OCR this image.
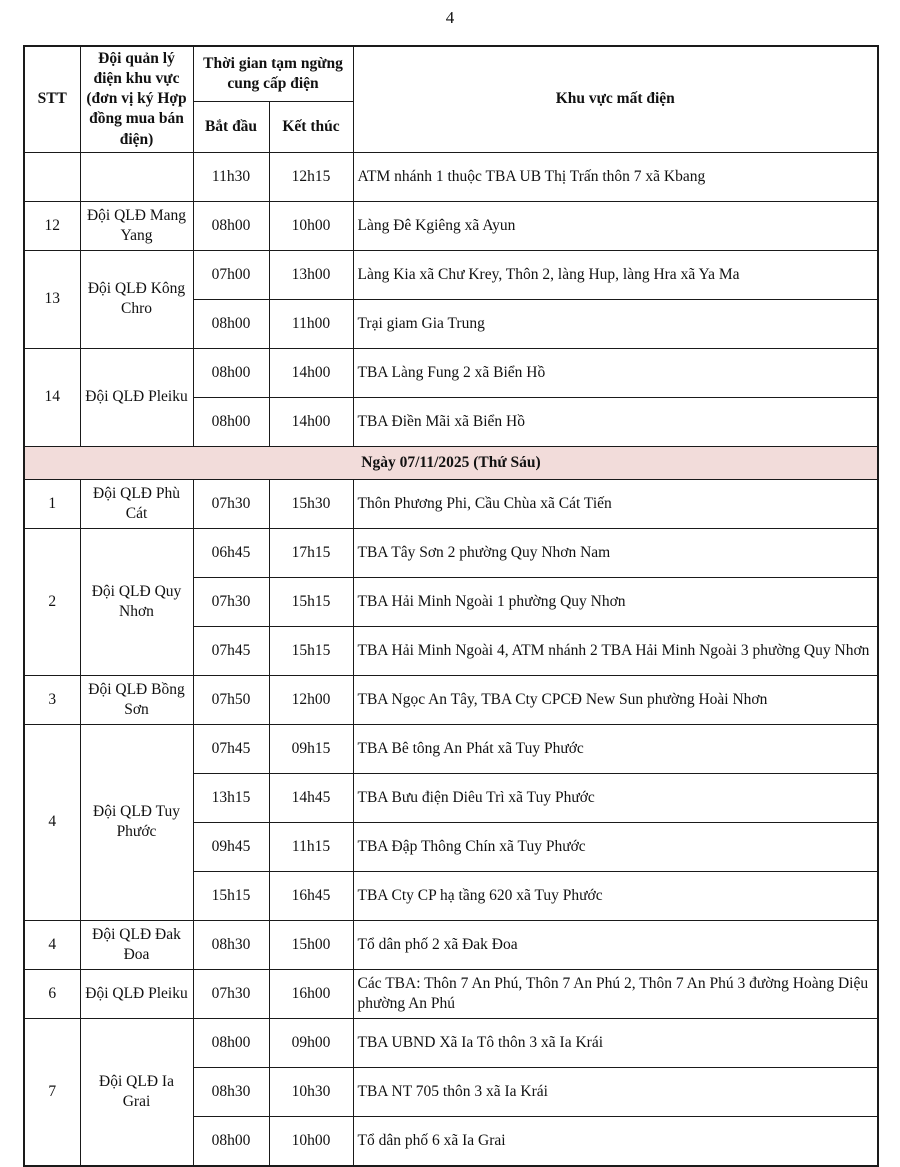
4
STT	Đội quản lý điện khu vực (đơn vị ký Hợp đồng mua bán điện)	Thời gian tạm ngừng cung cấp điện		Khu vực mất điện
		Bắt đầu	Kết thúc	
		11h30	12h15	ATM nhánh 1 thuộc TBA UB Thị Trấn thôn 7 xã Kbang
12	Đội QLĐ Mang Yang	08h00	10h00	Làng Đê Kgiêng xã Ayun
13	Đội QLĐ Kông Chro	07h00	13h00	Làng Kia xã Chư Krey, Thôn 2, làng Hup, làng Hra xã Ya Ma
		08h00	11h00	Trại giam Gia Trung
14	Đội QLĐ Pleiku	08h00	14h00	TBA Làng Fung 2 xã Biển Hồ
		08h00	14h00	TBA Điền Mãi xã Biển Hồ
Ngày 07/11/2025 (Thứ Sáu)				
1	Đội QLĐ Phù Cát	07h30	15h30	Thôn Phương Phi, Cầu Chùa xã Cát Tiến
2	Đội QLĐ Quy Nhơn	06h45	17h15	TBA Tây Sơn 2 phường Quy Nhơn Nam
		07h30	15h15	TBA Hải Minh Ngoài 1 phường Quy Nhơn
		07h45	15h15	TBA Hải Minh Ngoài 4, ATM nhánh 2 TBA Hải Minh Ngoài 3 phường Quy Nhơn
3	Đội QLĐ Bồng Sơn	07h50	12h00	TBA Ngọc An Tây, TBA Cty CPCĐ New Sun phường Hoài Nhơn
4	Đội QLĐ Tuy Phước	07h45	09h15	TBA Bê tông An Phát xã Tuy Phước
		13h15	14h45	TBA Bưu điện Diêu Trì xã Tuy Phước
		09h45	11h15	TBA Đập Thông Chín xã Tuy Phước
		15h15	16h45	TBA Cty CP hạ tầng 620 xã Tuy Phước
4	Đội QLĐ Đak Đoa	08h30	15h00	Tổ dân phố 2 xã Đak Đoa
6	Đội QLĐ Pleiku	07h30	16h00	Các TBA: Thôn 7 An Phú, Thôn 7 An Phú 2, Thôn 7 An Phú 3 đường Hoàng Diệu phường An Phú
7	Đội QLĐ Ia Grai	08h00	09h00	TBA UBND Xã Ia Tô thôn 3 xã Ia Krái
		08h30	10h30	TBA NT 705 thôn 3 xã Ia Krái
		08h00	10h00	Tổ dân phố 6 xã Ia Grai
